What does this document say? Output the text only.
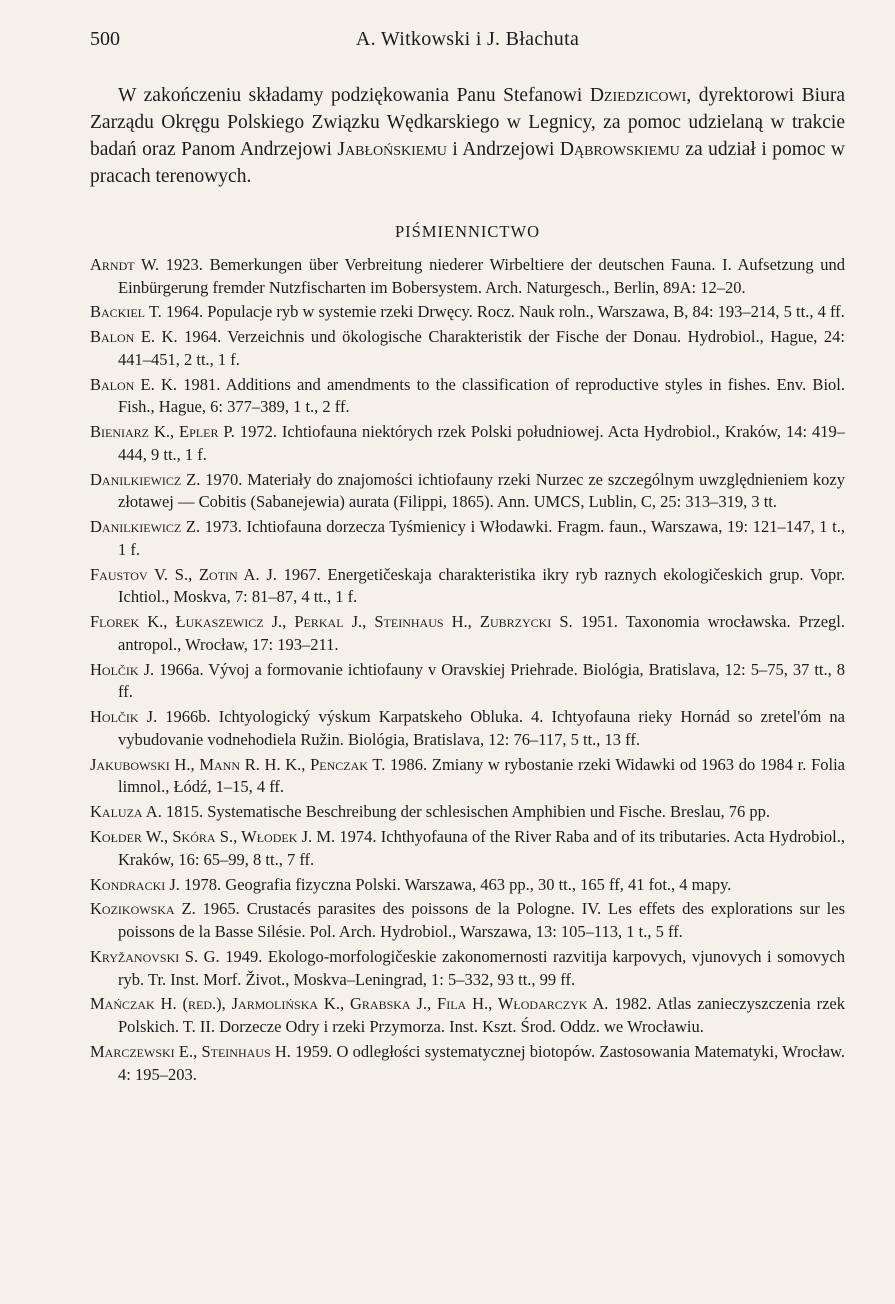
500	A. Witkowski i J. Błachuta

W zakończeniu składamy podziękowania Panu Stefanowi Dziedzicowi, dyrektorowi Biura Zarządu Okręgu Polskiego Związku Wędkarskiego w Legnicy, za pomoc udzielaną w trakcie badań oraz Panom Andrzejowi Jabłońskiemu i Andrzejowi Dąbrowskiemu za udział i pomoc w pracach terenowych.

PIŚMIENNICTWO
Arndt W. 1923. Bemerkungen über Verbreitung niederer Wirbeltiere der deutschen Fauna. I. Aufsetzung und Einbürgerung fremder Nutzfischarten im Bobersystem. Arch. Naturgesch., Berlin, 89A: 12–20.
Backiel T. 1964. Populacje ryb w systemie rzeki Drwęcy. Rocz. Nauk roln., Warszawa, B, 84: 193–214, 5 tt., 4 ff.
Balon E. K. 1964. Verzeichnis und ökologische Charakteristik der Fische der Donau. Hydrobiol., Hague, 24: 441–451, 2 tt., 1 f.
Balon E. K. 1981. Additions and amendments to the classification of reproductive styles in fishes. Env. Biol. Fish., Hague, 6: 377–389, 1 t., 2 ff.
Bieniarz K., Epler P. 1972. Ichtiofauna niektórych rzek Polski południowej. Acta Hydrobiol., Kraków, 14: 419–444, 9 tt., 1 f.
Danilkiewicz Z. 1970. Materiały do znajomości ichtiofauny rzeki Nurzec ze szczególnym uwzględnieniem kozy złotawej — Cobitis (Sabanejewia) aurata (Filippi, 1865). Ann. UMCS, Lublin, C, 25: 313–319, 3 tt.
Danilkiewicz Z. 1973. Ichtiofauna dorzecza Tyśmienicy i Włodawki. Fragm. faun., Warszawa, 19: 121–147, 1 t., 1 f.
Faustov V. S., Zotin A. J. 1967. Energetičeskaja charakteristika ikry ryb raznych ekologičeskich grup. Vopr. Ichtiol., Moskva, 7: 81–87, 4 tt., 1 f.
Florek K., Łukaszewicz J., Perkal J., Steinhaus H., Zubrzycki S. 1951. Taxonomia wrocławska. Przegl. antropol., Wrocław, 17: 193–211.
Holčik J. 1966a. Vývoj a formovanie ichtiofauny v Oravskiej Priehrade. Biológia, Bratislava, 12: 5–75, 37 tt., 8 ff.
Holčik J. 1966b. Ichtyologický výskum Karpatskeho Obluka. 4. Ichtyofauna rieky Hornád so zretel'óm na vybudovanie vodnehodiela Ružin. Biológia, Bratislava, 12: 76–117, 5 tt., 13 ff.
Jakubowski H., Mann R. H. K., Penczak T. 1986. Zmiany w rybostanie rzeki Widawki od 1963 do 1984 r. Folia limnol., Łódź, 1–15, 4 ff.
Kaluza A. 1815. Systematische Beschreibung der schlesischen Amphibien und Fische. Breslau, 76 pp.
Kołder W., Skóra S., Włodek J. M. 1974. Ichthyofauna of the River Raba and of its tributaries. Acta Hydrobiol., Kraków, 16: 65–99, 8 tt., 7 ff.
Kondracki J. 1978. Geografia fizyczna Polski. Warszawa, 463 pp., 30 tt., 165 ff, 41 fot., 4 mapy.
Kozikowska Z. 1965. Crustacés parasites des poissons de la Pologne. IV. Les effets des explorations sur les poissons de la Basse Silésie. Pol. Arch. Hydrobiol., Warszawa, 13: 105–113, 1 t., 5 ff.
Kryžanovski S. G. 1949. Ekologo-morfologičeskie zakonomernosti razvitija karpovych, vjunovych i somovych ryb. Tr. Inst. Morf. Život., Moskva–Leningrad, 1: 5–332, 93 tt., 99 ff.
Mańczak H. (red.), Jarmolińska K., Grabska J., Fila H., Włodarczyk A. 1982. Atlas zanieczyszczenia rzek Polskich. T. II. Dorzecze Odry i rzeki Przymorza. Inst. Kszt. Środ. Oddz. we Wrocławiu.
Marczewski E., Steinhaus H. 1959. O odległości systematycznej biotopów. Zastosowania Matematyki, Wrocław. 4: 195–203.
